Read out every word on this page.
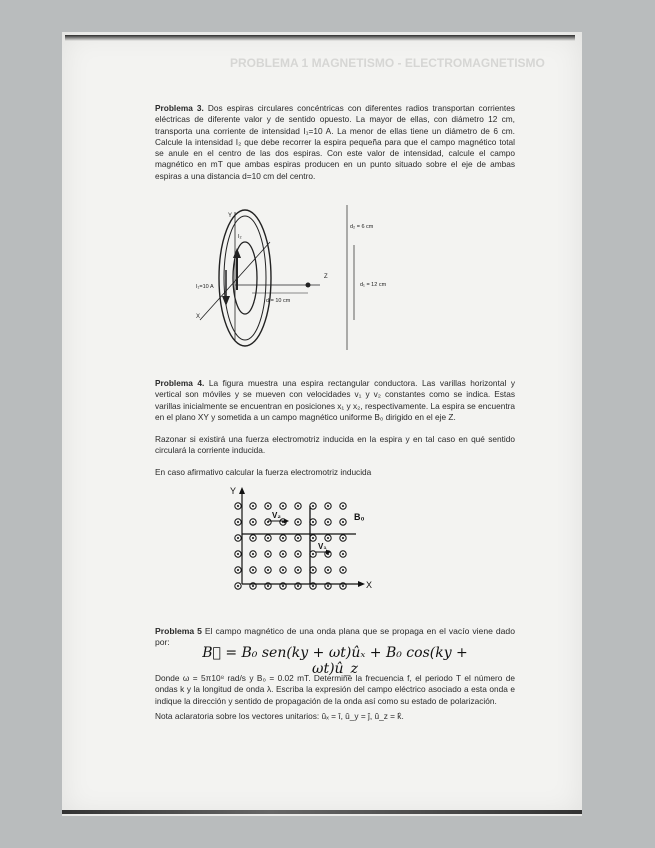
PROBLEMA 1 MAGNETISMO - ELECTROMAGNETISMO
Problema 3. Dos espiras circulares concéntricas con diferentes radios transportan corrientes eléctricas de diferente valor y de sentido opuesto. La mayor de ellas, con diámetro 12 cm, transporta una corriente de intensidad I₁=10 A. La menor de ellas tiene un diámetro de 6 cm. Calcule la intensidad I₂ que debe recorrer la espira pequeña para que el campo magnético total se anule en el centro de las dos espiras. Con este valor de intensidad, calcule el campo magnético en mT que ambas espiras producen en un punto situado sobre el eje de ambas espiras a una distancia d=10 cm del centro.
Y
Z
X
I₁=10 A
I₂
d = 10 cm
d₂ = 6 cm
d₁ = 12 cm
Problema 4. La figura muestra una espira rectangular conductora. Las varillas horizontal y vertical son móviles y se mueven con velocidades v₁ y v₂ constantes como se indica. Estas varillas inicialmente se encuentran en posiciones x₁ y x₂, respectivamente. La espira se encuentra en el plano XY y sometida a un campo magnético uniforme B₀ dirigido en el eje Z.
Razonar si existirá una fuerza electromotriz inducida en la espira y en tal caso en qué sentido circulará la corriente inducida.
En caso afirmativo calcular la fuerza electromotriz inducida
Y
X
B₀
V₂
V₁
Problema 5 El campo magnético de una onda plana que se propaga en el vacío viene dado por:
B⃗ = B₀ sen(ky + ωt)ûₓ + B₀ cos(ky + ωt)û_z
Donde ω = 5π10⁸ rad/s y B₀ = 0.02 mT. Determine la frecuencia f, el periodo T el número de ondas k y la longitud de onda λ. Escriba la expresión del campo eléctrico asociado a esta onda e indique la dirección y sentido de propagación de la onda así como su estado de polarización.
Nota aclaratoria sobre los vectores unitarios: ûₓ = î, û_y = ĵ, û_z = k̂.
